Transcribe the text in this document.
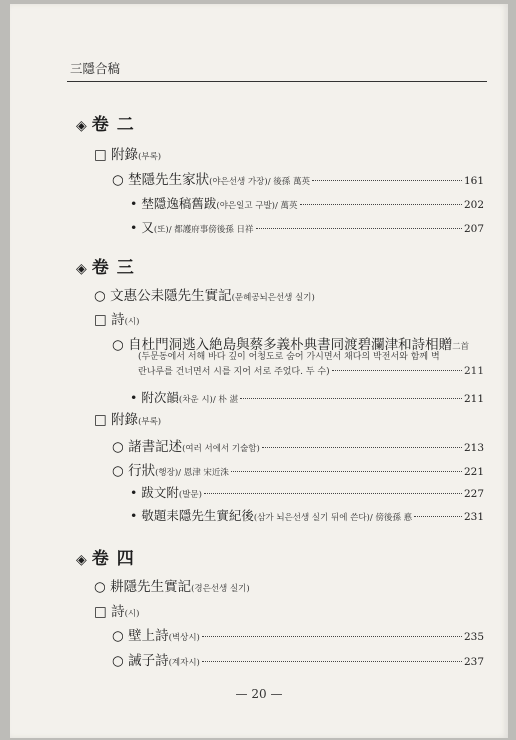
三隱合稿
◈ 卷 二
□ 附錄(부록)
○
埜隱先生家狀 (야은선생 가장) / 後孫 萬英	161
•
埜隱逸稿舊跋 (야은일고 구발) / 萬英	202
•
又 (또) / 都護府事傍後孫 日祥	207
◈ 卷 三
○ 文惠公耒隱先生實記(문혜공뇌은선생 실기)
□ 詩(시)
○ 自杜門洞逃入絶島與蔡多義朴典書同渡碧瀾津和詩相贈二首
(두문동에서 서해 바다 깊이 어청도로 숨어 가시면서 채다의 박전서와 함께 벽
란나루를 건너면서 시를 지어 서로 주었다. 두 수)	211
•
附次韻 (차운 시) / 朴 湛	211
□ 附錄(부록)
○
諸書記述 (여러 서에서 기술함)	213
○
行狀 (행장) / 恩津 宋近洙	221
•
跋文附 (발문)	227
•
敬題耒隱先生實紀後 (삼가 뇌은선생 실기 뒤에 쓴다) / 傍後孫 悳	231
◈ 卷 四
○ 耕隱先生實記(경은선생 실기)
□ 詩(시)
○
壁上詩 (벽상시)	235
○
誡子詩 (계자시)	237
— 20 —
